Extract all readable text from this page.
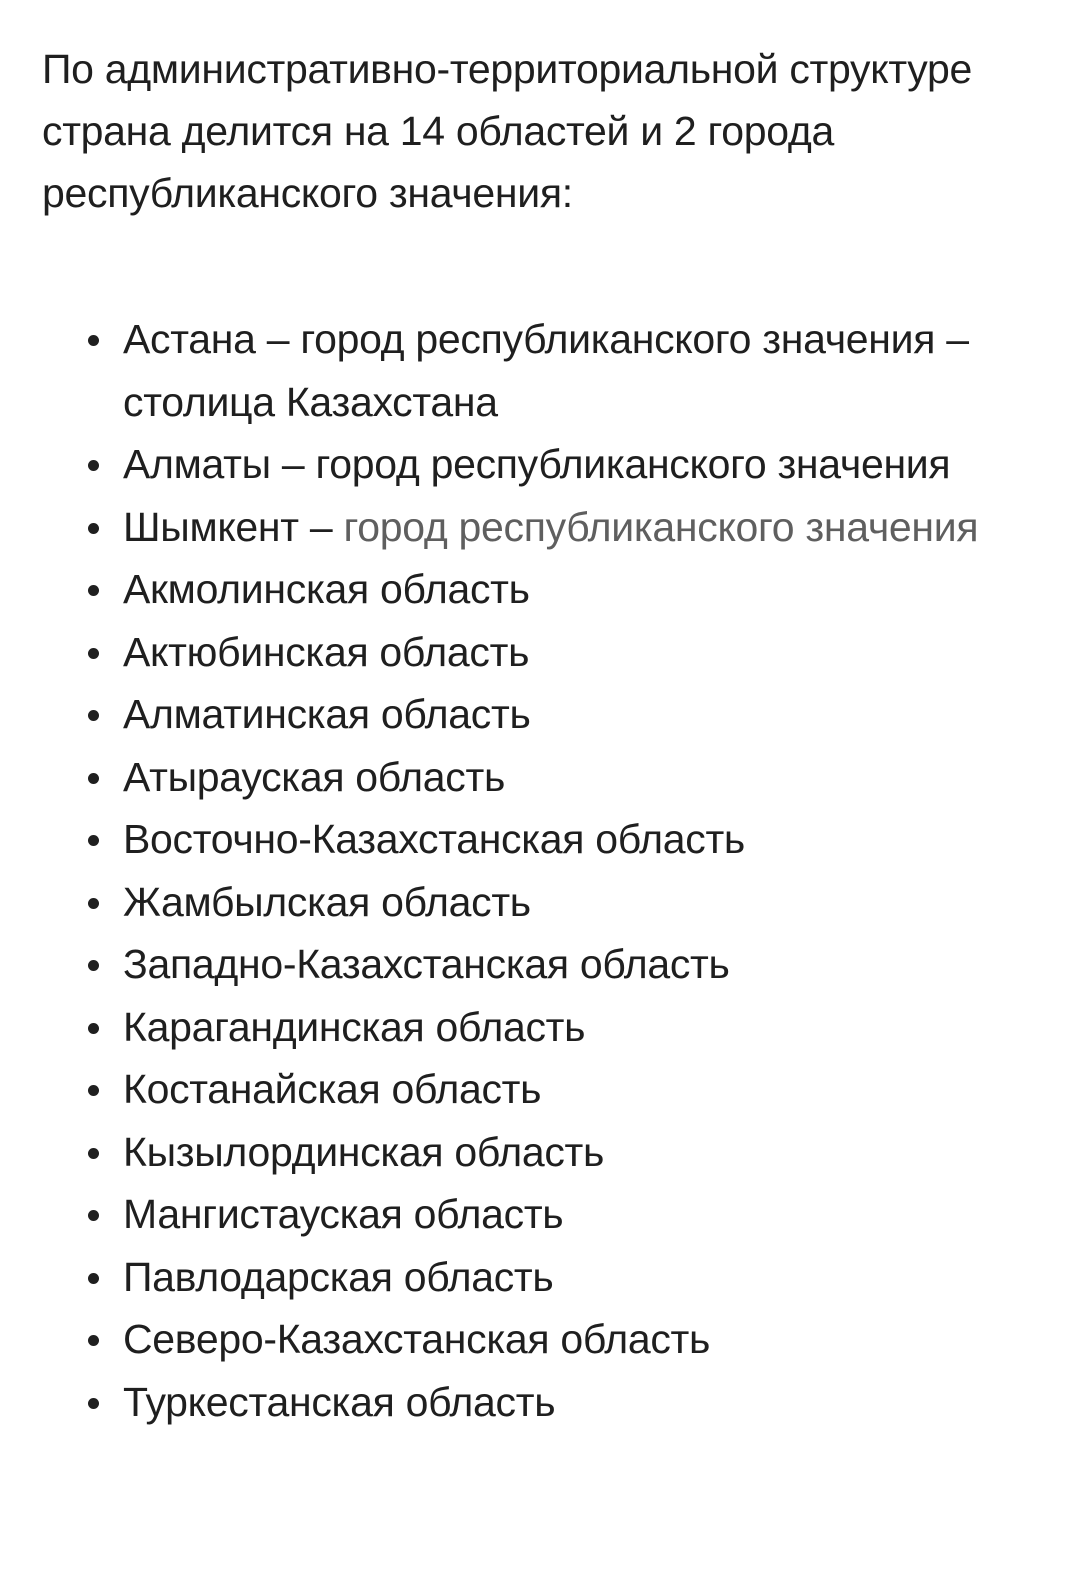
По административно-территориальной структуре страна делится на 14 областей и 2 города республиканского значения:

Астана – город республиканского значения – столица Казахстана
Алматы – город республиканского значения
Шымкент – город республиканского значения
Акмолинская область
Актюбинская область
Алматинская область
Атырауская область
Восточно-Казахстанская область
Жамбылская область
Западно-Казахстанская область
Карагандинская область
Костанайская область
Кызылординская область
Мангистауская область
Павлодарская область
Северо-Казахстанская область
Туркестанская область
